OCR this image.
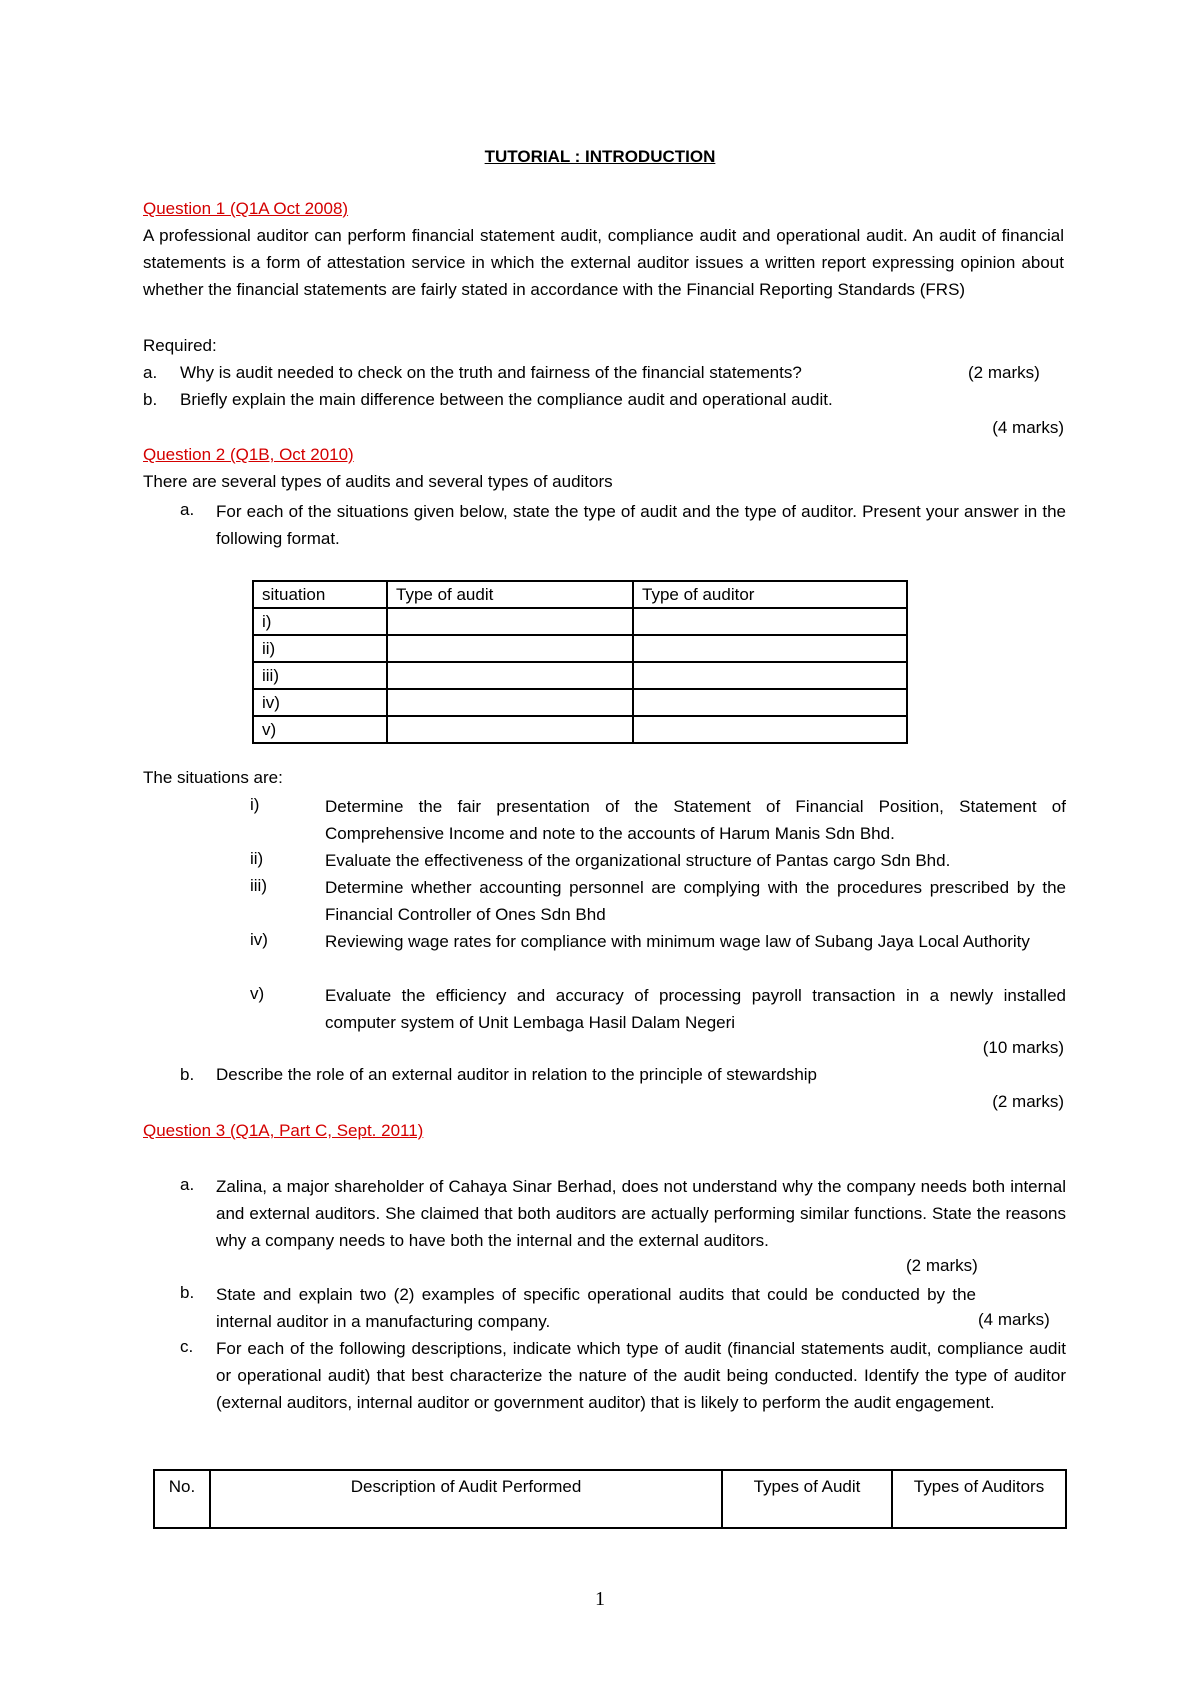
TUTORIAL : INTRODUCTION
Question 1 (Q1A Oct 2008)
A professional auditor can perform financial statement audit, compliance audit and operational audit. An audit of financial statements is a form of attestation service in which the external auditor issues a written report expressing opinion about whether the financial statements are fairly stated in accordance with the Financial Reporting Standards (FRS)
Required:
a. Why is audit needed to check on the truth and fairness of the financial statements?	(2 marks)
b. Briefly explain the main difference between the compliance audit and operational audit.
(4 marks)
Question 2 (Q1B, Oct 2010)
There are several types of audits and several types of auditors
a. For each of the situations given below, state the type of audit and the type of auditor. Present your answer in the following format.
situation	Type of audit	Type of auditor
i)		
ii)		
iii)		
iv)		
v)		
The situations are:
i)	Determine the fair presentation of the Statement of Financial Position, Statement of Comprehensive Income and note to the accounts of Harum Manis Sdn Bhd.
ii)	Evaluate the effectiveness of the organizational structure of Pantas cargo Sdn Bhd.
iii)	Determine whether accounting personnel are complying with the procedures prescribed by the Financial Controller of Ones Sdn Bhd
iv)	Reviewing wage rates for compliance with minimum wage law of Subang Jaya Local Authority
v)	Evaluate the efficiency and accuracy of processing payroll transaction in a newly installed computer system of Unit Lembaga Hasil Dalam Negeri
(10 marks)
b. Describe the role of an external auditor in relation to the principle of stewardship
(2 marks)
Question 3 (Q1A, Part C, Sept. 2011)
a. Zalina, a major shareholder of Cahaya Sinar Berhad, does not understand why the company needs both internal and external auditors. She claimed that both auditors are actually performing similar functions. State the reasons why a company needs to have both the internal and the external auditors.
(2 marks)
b. State and explain two (2) examples of specific operational audits that could be conducted by the internal auditor in a manufacturing company.	(4 marks)
c. For each of the following descriptions, indicate which type of audit (financial statements audit, compliance audit or operational audit) that best characterize the nature of the audit being conducted. Identify the type of auditor (external auditors, internal auditor or government auditor) that is likely to perform the audit engagement.
No.	Description of Audit Performed	Types of Audit	Types of Auditors
1
